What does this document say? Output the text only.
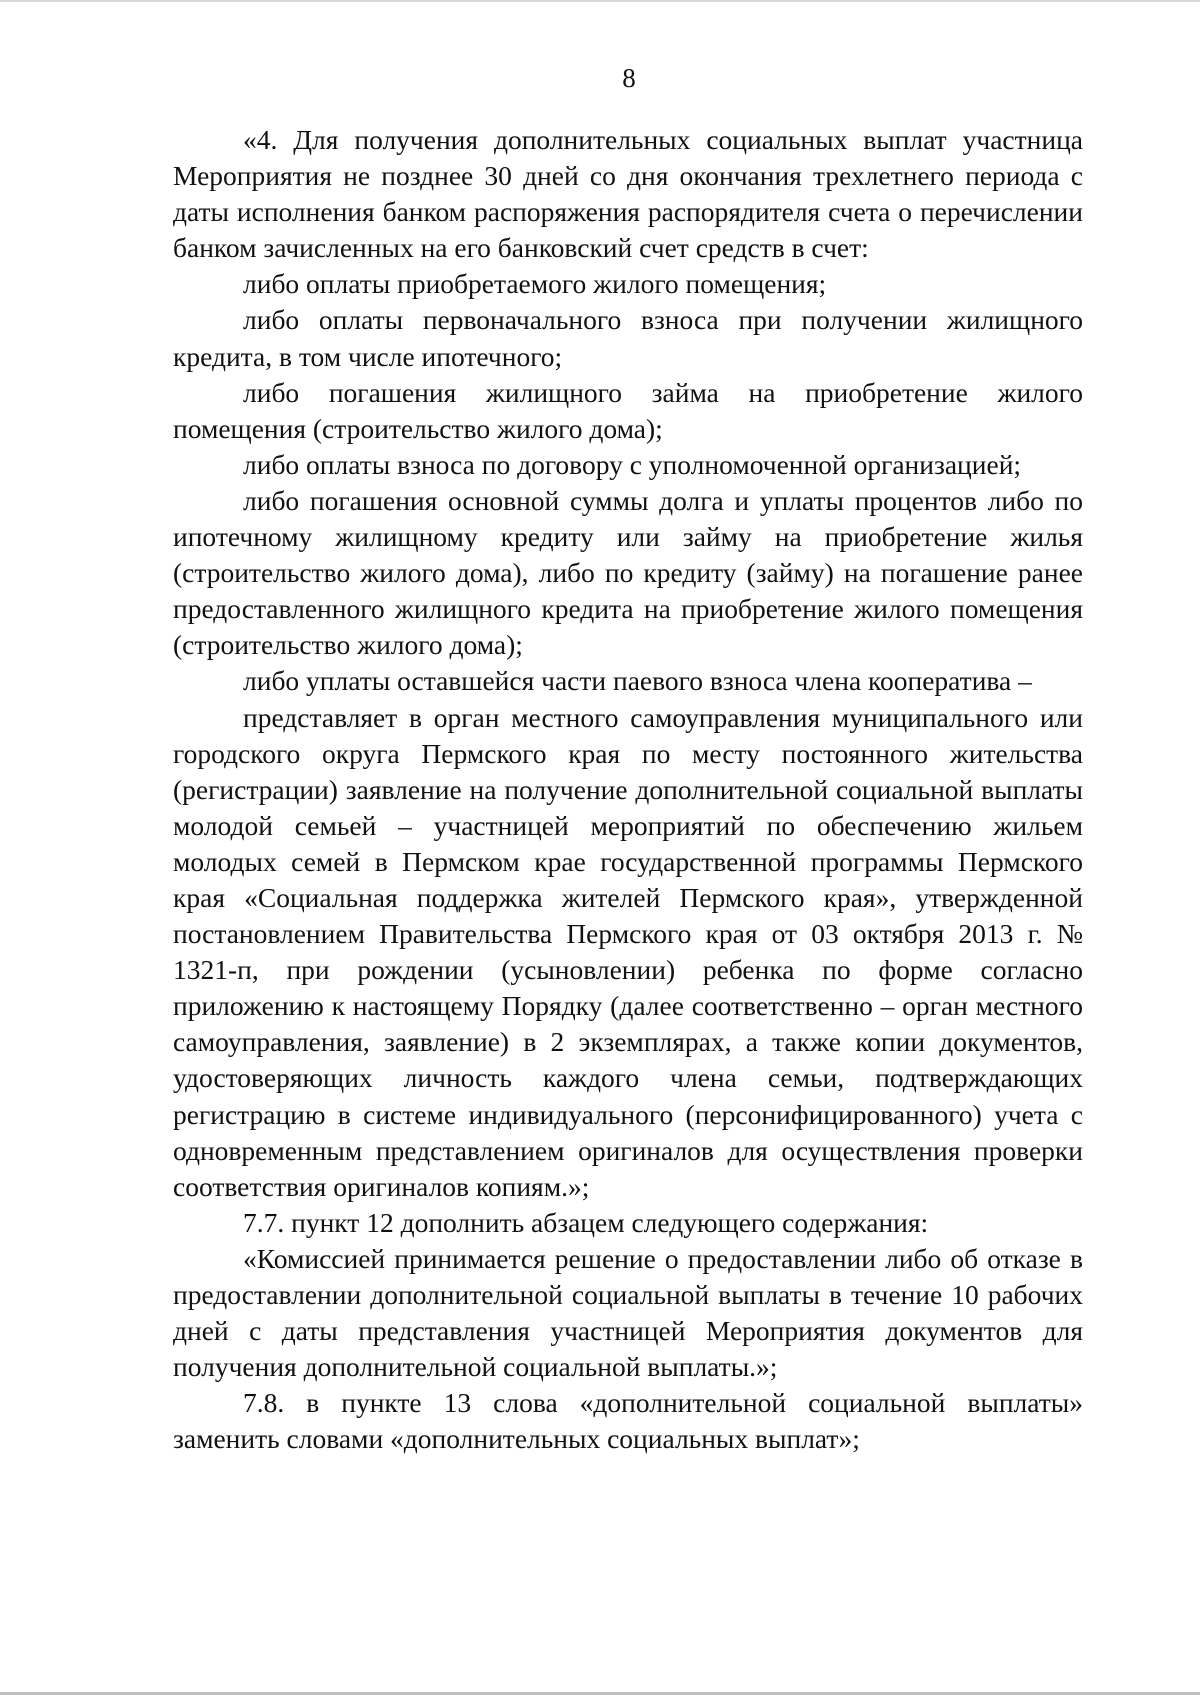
8

«4. Для получения дополнительных социальных выплат участница Мероприятия не позднее 30 дней со дня окончания трехлетнего периода с даты исполнения банком распоряжения распорядителя счета о перечислении банком зачисленных на его банковский счет средств в счет:

либо оплаты приобретаемого жилого помещения;

либо оплаты первоначального взноса при получении жилищного кредита, в том числе ипотечного;

либо погашения жилищного займа на приобретение жилого помещения (строительство жилого дома);

либо оплаты взноса по договору с уполномоченной организацией;

либо погашения основной суммы долга и уплаты процентов либо по ипотечному жилищному кредиту или займу на приобретение жилья (строительство жилого дома), либо по кредиту (займу) на погашение ранее предоставленного жилищного кредита на приобретение жилого помещения (строительство жилого дома);

либо уплаты оставшейся части паевого взноса члена кооператива –

представляет в орган местного самоуправления муниципального или городского округа Пермского края по месту постоянного жительства (регистрации) заявление на получение дополнительной социальной выплаты молодой семьей – участницей мероприятий по обеспечению жильем молодых семей в Пермском крае государственной программы Пермского края «Социальная поддержка жителей Пермского края», утвержденной постановлением Правительства Пермского края от 03 октября 2013 г. № 1321-п, при рождении (усыновлении) ребенка по форме согласно приложению к настоящему Порядку (далее соответственно – орган местного самоуправления, заявление) в 2 экземплярах, а также копии документов, удостоверяющих личность каждого члена семьи, подтверждающих регистрацию в системе индивидуального (персонифицированного) учета с одновременным представлением оригиналов для осуществления проверки соответствия оригиналов копиям.»;

7.7. пункт 12 дополнить абзацем следующего содержания:

«Комиссией принимается решение о предоставлении либо об отказе в предоставлении дополнительной социальной выплаты в течение 10 рабочих дней с даты представления участницей Мероприятия документов для получения дополнительной социальной выплаты.»;

7.8. в пункте 13 слова «дополнительной социальной выплаты» заменить словами «дополнительных социальных выплат»;
